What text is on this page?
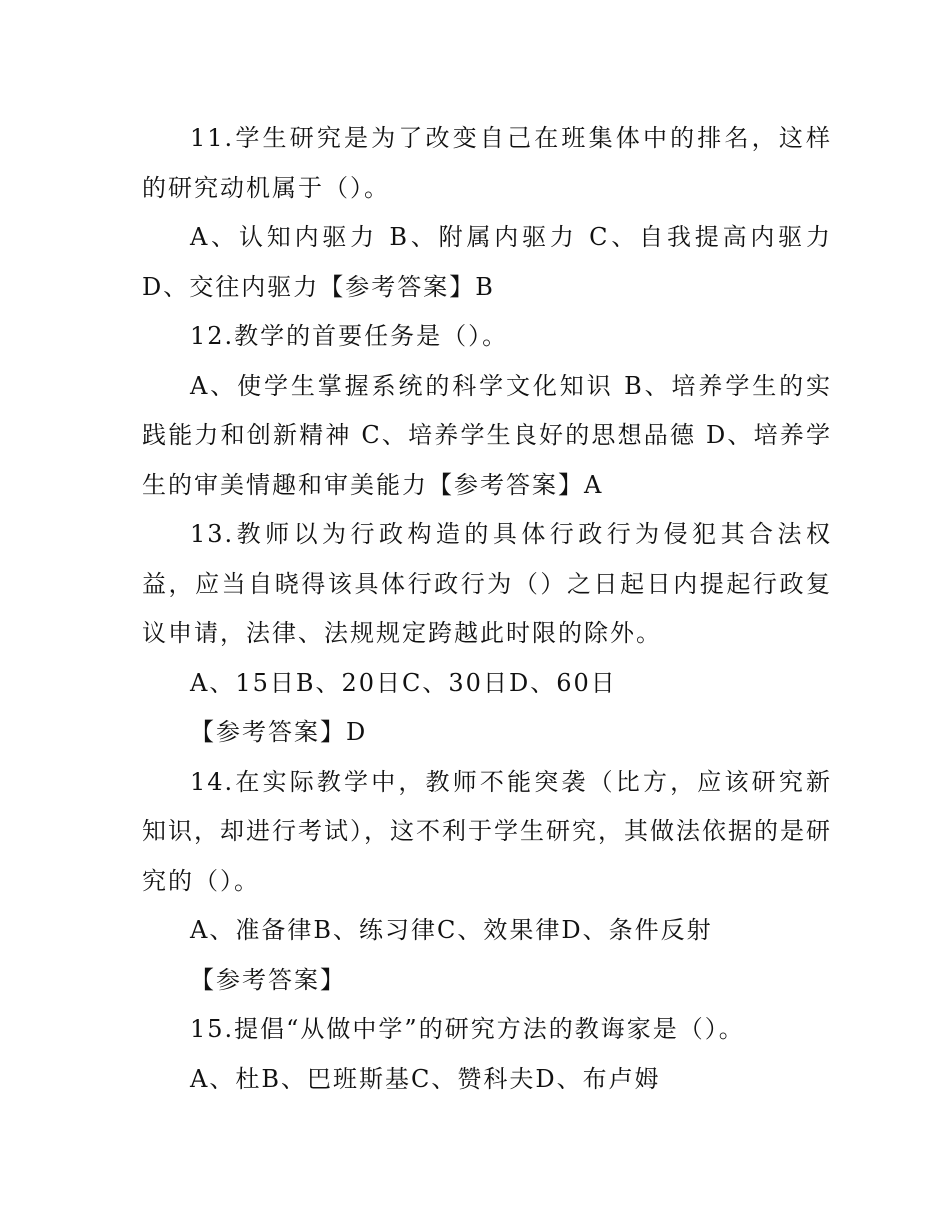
11.学生研究是为了改变自己在班集体中的排名，这样的研究动机属于（）。

A、认知内驱力 B、附属内驱力 C、自我提高内驱力 D、交往内驱力【参考答案】B

12.教学的首要任务是（）。

A、使学生掌握系统的科学文化知识 B、培养学生的实践能力和创新精神 C、培养学生良好的思想品德 D、培养学生的审美情趣和审美能力【参考答案】A

13.教师以为行政构造的具体行政行为侵犯其合法权益，应当自晓得该具体行政行为（）之日起日内提起行政复议申请，法律、法规规定跨越此时限的除外。

A、15日B、20日C、30日D、60日

【参考答案】D

14.在实际教学中，教师不能突袭（比方，应该研究新知识，却进行考试），这不利于学生研究，其做法依据的是研究的（）。

A、准备律B、练习律C、效果律D、条件反射

【参考答案】

15.提倡“从做中学”的研究方法的教诲家是（）。

A、杜B、巴班斯基C、赞科夫D、布卢姆
